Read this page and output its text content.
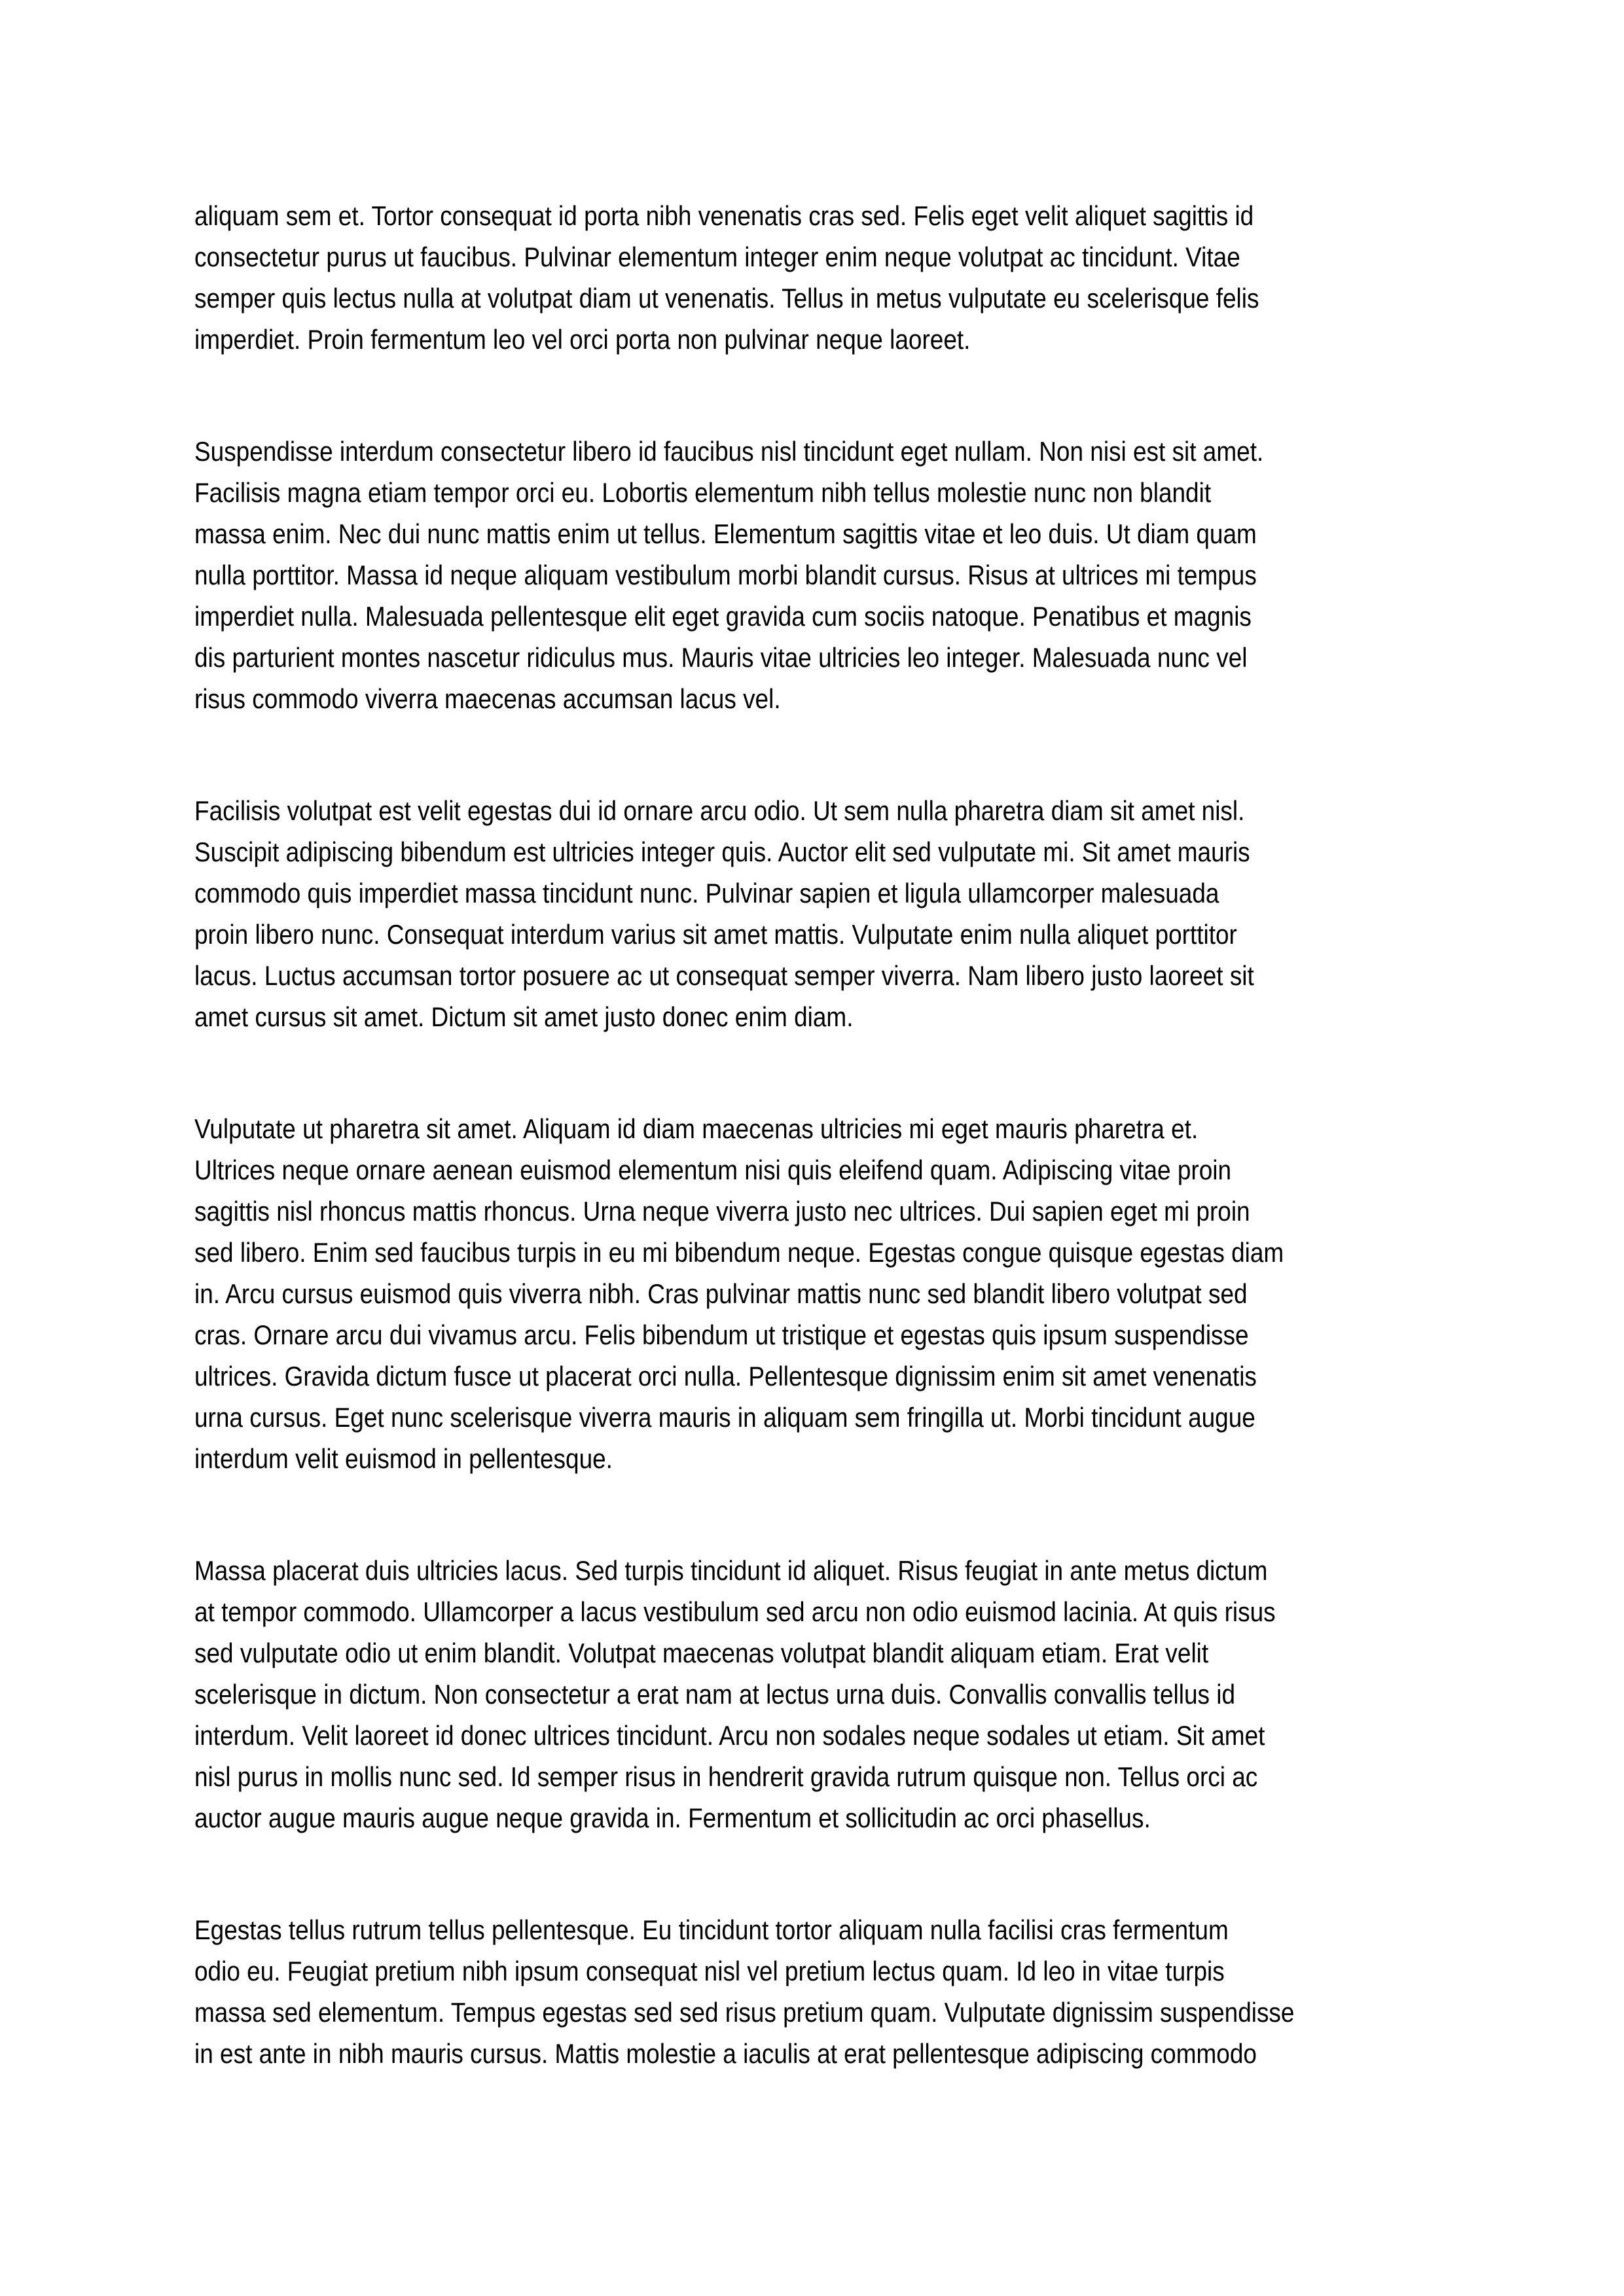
aliquam sem et. Tortor consequat id porta nibh venenatis cras sed. Felis eget velit aliquet sagittis id
consectetur purus ut faucibus. Pulvinar elementum integer enim neque volutpat ac tincidunt. Vitae
semper quis lectus nulla at volutpat diam ut venenatis. Tellus in metus vulputate eu scelerisque felis
imperdiet. Proin fermentum leo vel orci porta non pulvinar neque laoreet.

Suspendisse interdum consectetur libero id faucibus nisl tincidunt eget nullam. Non nisi est sit amet.
Facilisis magna etiam tempor orci eu. Lobortis elementum nibh tellus molestie nunc non blandit
massa enim. Nec dui nunc mattis enim ut tellus. Elementum sagittis vitae et leo duis. Ut diam quam
nulla porttitor. Massa id neque aliquam vestibulum morbi blandit cursus. Risus at ultrices mi tempus
imperdiet nulla. Malesuada pellentesque elit eget gravida cum sociis natoque. Penatibus et magnis
dis parturient montes nascetur ridiculus mus. Mauris vitae ultricies leo integer. Malesuada nunc vel
risus commodo viverra maecenas accumsan lacus vel.

Facilisis volutpat est velit egestas dui id ornare arcu odio. Ut sem nulla pharetra diam sit amet nisl.
Suscipit adipiscing bibendum est ultricies integer quis. Auctor elit sed vulputate mi. Sit amet mauris
commodo quis imperdiet massa tincidunt nunc. Pulvinar sapien et ligula ullamcorper malesuada
proin libero nunc. Consequat interdum varius sit amet mattis. Vulputate enim nulla aliquet porttitor
lacus. Luctus accumsan tortor posuere ac ut consequat semper viverra. Nam libero justo laoreet sit
amet cursus sit amet. Dictum sit amet justo donec enim diam.

Vulputate ut pharetra sit amet. Aliquam id diam maecenas ultricies mi eget mauris pharetra et.
Ultrices neque ornare aenean euismod elementum nisi quis eleifend quam. Adipiscing vitae proin
sagittis nisl rhoncus mattis rhoncus. Urna neque viverra justo nec ultrices. Dui sapien eget mi proin
sed libero. Enim sed faucibus turpis in eu mi bibendum neque. Egestas congue quisque egestas diam
in. Arcu cursus euismod quis viverra nibh. Cras pulvinar mattis nunc sed blandit libero volutpat sed
cras. Ornare arcu dui vivamus arcu. Felis bibendum ut tristique et egestas quis ipsum suspendisse
ultrices. Gravida dictum fusce ut placerat orci nulla. Pellentesque dignissim enim sit amet venenatis
urna cursus. Eget nunc scelerisque viverra mauris in aliquam sem fringilla ut. Morbi tincidunt augue
interdum velit euismod in pellentesque.

Massa placerat duis ultricies lacus. Sed turpis tincidunt id aliquet. Risus feugiat in ante metus dictum
at tempor commodo. Ullamcorper a lacus vestibulum sed arcu non odio euismod lacinia. At quis risus
sed vulputate odio ut enim blandit. Volutpat maecenas volutpat blandit aliquam etiam. Erat velit
scelerisque in dictum. Non consectetur a erat nam at lectus urna duis. Convallis convallis tellus id
interdum. Velit laoreet id donec ultrices tincidunt. Arcu non sodales neque sodales ut etiam. Sit amet
nisl purus in mollis nunc sed. Id semper risus in hendrerit gravida rutrum quisque non. Tellus orci ac
auctor augue mauris augue neque gravida in. Fermentum et sollicitudin ac orci phasellus.

Egestas tellus rutrum tellus pellentesque. Eu tincidunt tortor aliquam nulla facilisi cras fermentum
odio eu. Feugiat pretium nibh ipsum consequat nisl vel pretium lectus quam. Id leo in vitae turpis
massa sed elementum. Tempus egestas sed sed risus pretium quam. Vulputate dignissim suspendisse
in est ante in nibh mauris cursus. Mattis molestie a iaculis at erat pellentesque adipiscing commodo
